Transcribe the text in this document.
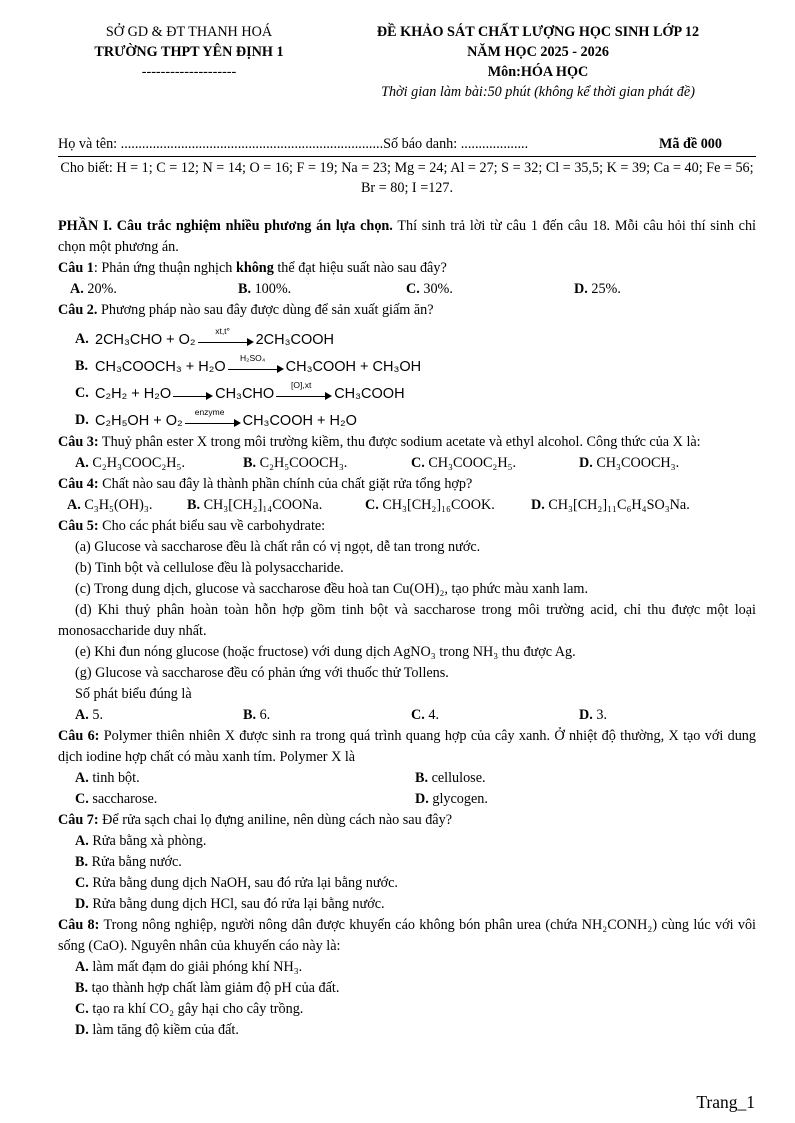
SỞ GD & ĐT THANH HOÁ
TRƯỜNG THPT YÊN ĐỊNH 1
--------------------
ĐỀ KHẢO SÁT CHẤT LƯỢNG HỌC SINH LỚP 12
NĂM HỌC 2025 - 2026
Môn:HÓA HỌC
Thời gian làm bài:50 phút (không kể thời gian phát đề)
Họ và tên: .......................................................................... Số báo danh: ...................	Mã đề 000
Cho biết: H = 1; C = 12; N = 14; O = 16; F = 19; Na = 23; Mg = 24; Al = 27; S = 32; Cl = 35,5; K = 39; Ca = 40; Fe = 56; Br = 80; I =127.
PHẦN I. Câu trắc nghiệm nhiều phương án lựa chọn. Thí sinh trả lời từ câu 1 đến câu 18. Mỗi câu hỏi thí sinh chỉ chọn một phương án.

Câu 1: Phản ứng thuận nghịch không thể đạt hiệu suất nào sau đây?

A. 20%.	B. 100%.	C. 30%.	D. 25%.

Câu 2. Phương pháp nào sau đây được dùng để sản xuất giấm ăn?

A. 2CH₃CHO + O₂
xt,t°
2CH₃COOH
B. CH₃COOCH₃ + H₂O
H₂SO₄
CH₃COOH + CH₃OH
C. C₂H₂ + H₂O	CH₃CHO
[O],xt
CH₃COOH
D. C₂H₅OH + O₂
enzyme
CH₃COOH + H₂O

Câu 3: Thuỷ phân ester X trong môi trường kiềm, thu được sodium acetate và ethyl alcohol. Công thức của X là:

A. C₂H₃COOC₂H₅.	B. C₂H₅COOCH₃.	C. CH₃COOC₂H₅.	D. CH₃COOCH₃.

Câu 4: Chất nào sau đây là thành phần chính của chất giặt rửa tổng hợp?

A. C₃H₅(OH)₃.	B. CH₃[CH₂]₁₄COONa.	C. CH₃[CH₂]₁₆COOK.	D. CH₃[CH₂]₁₁C₆H₄SO₃Na.

Câu 5: Cho các phát biểu sau về carbohydrate:

(a) Glucose và saccharose đều là chất rắn có vị ngọt, dễ tan trong nước.

(b) Tinh bột và cellulose đều là polysaccharide.

(c) Trong dung dịch, glucose và saccharose đều hoà tan Cu(OH)₂, tạo phức màu xanh lam.

(d) Khi thuỷ phân hoàn toàn hỗn hợp gồm tinh bột và saccharose trong môi trường acid, chỉ thu được một loại monosaccharide duy nhất.

(e) Khi đun nóng glucose (hoặc fructose) với dung dịch AgNO₃ trong NH₃ thu được Ag.

(g) Glucose và saccharose đều có phản ứng với thuốc thử Tollens.

Số phát biểu đúng là

A. 5.	B. 6.	C. 4.	D. 3.

Câu 6: Polymer thiên nhiên X được sinh ra trong quá trình quang hợp của cây xanh. Ở nhiệt độ thường, X tạo với dung dịch iodine hợp chất có màu xanh tím. Polymer X là

A. tinh bột.	B. cellulose.
C. saccharose.	D. glycogen.

Câu 7: Để rửa sạch chai lọ đựng aniline, nên dùng cách nào sau đây?

A. Rửa bằng xà phòng.

B. Rửa bằng nước.

C. Rửa bằng dung dịch NaOH, sau đó rửa lại bằng nước.

D. Rửa bằng dung dịch HCl, sau đó rửa lại bằng nước.

Câu 8: Trong nông nghiệp, người nông dân được khuyến cáo không bón phân urea (chứa NH₂CONH₂) cùng lúc với vôi sống (CaO). Nguyên nhân của khuyến cáo này là:

A. làm mất đạm do giải phóng khí NH₃.

B. tạo thành hợp chất làm giảm độ pH của đất.

C. tạo ra khí CO₂ gây hại cho cây trồng.

D. làm tăng độ kiềm của đất.

Trang_1
